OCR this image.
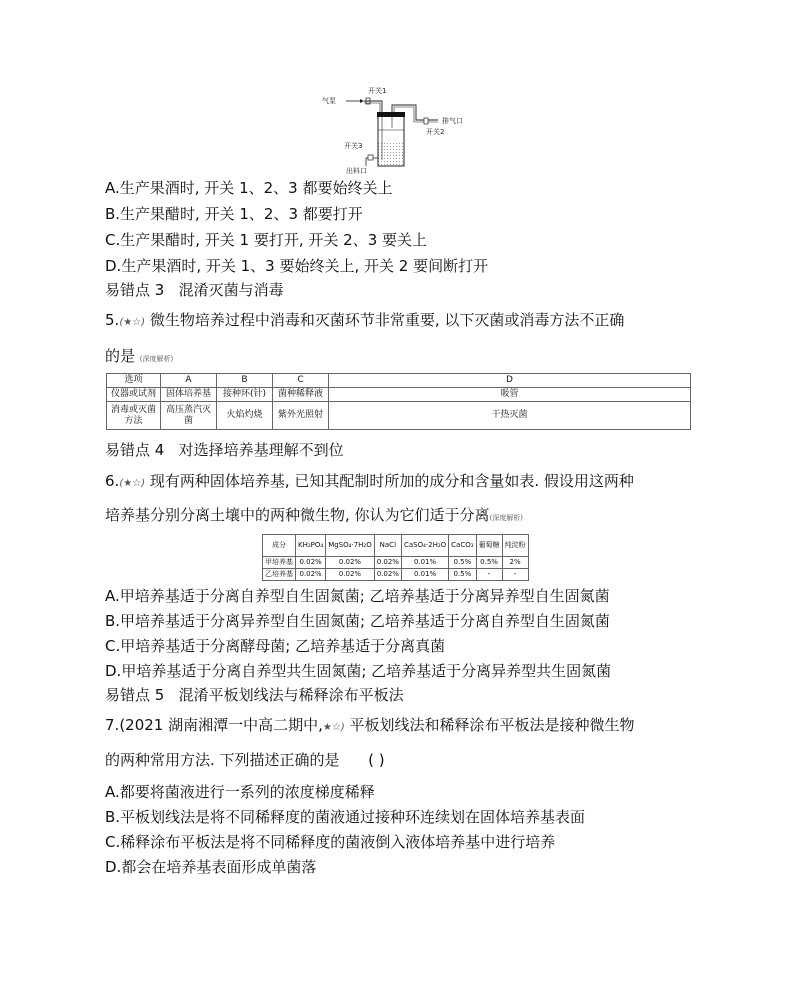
气泵
开关1
排气口
开关2
开关3
出料口
A.生产果酒时, 开关 1、2、3 都要始终关上
B.生产果醋时, 开关 1、2、3 都要打开
C.生产果醋时, 开关 1 要打开, 开关 2、3 要关上
D.生产果酒时, 开关 1、3 要始终关上, 开关 2 要间断打开
易错点 3 混淆灭菌与消毒
5.(★☆) 微生物培养过程中消毒和灭菌环节非常重要, 以下灭菌或消毒方法不正确
的是 (深度解析)
选项	A	B	C	D
仪器或试剂	固体培养基	接种环(针)	菌种稀释液	吸管
消毒或灭菌方法	高压蒸汽灭菌	火焰灼烧	紫外光照射	干热灭菌
易错点 4 对选择培养基理解不到位
6.(★☆) 现有两种固体培养基, 已知其配制时所加的成分和含量如表. 假设用这两种
培养基分别分离土壤中的两种微生物, 你认为它们适于分离(深度解析)
成分	KH₂PO₄	MgSO₄·7H₂O	NaCl	CaSO₄·2H₂O	CaCO₃	葡萄糖	纯淀粉
甲培养基	0.02%	0.02%	0.02%	0.01%	0.5%	0.5%	2%
乙培养基	0.02%	0.02%	0.02%	0.01%	0.5%	-	-
A.甲培养基适于分离自养型自生固氮菌; 乙培养基适于分离异养型自生固氮菌
B.甲培养基适于分离异养型自生固氮菌; 乙培养基适于分离自养型自生固氮菌
C.甲培养基适于分离酵母菌; 乙培养基适于分离真菌
D.甲培养基适于分离自养型共生固氮菌; 乙培养基适于分离异养型共生固氮菌
易错点 5 混淆平板划线法与稀释涂布平板法
7.(2021 湖南湘潭一中高二期中,★☆) 平板划线法和稀释涂布平板法是接种微生物
的两种常用方法. 下列描述正确的是 ( )
A.都要将菌液进行一系列的浓度梯度稀释
B.平板划线法是将不同稀释度的菌液通过接种环连续划在固体培养基表面
C.稀释涂布平板法是将不同稀释度的菌液倒入液体培养基中进行培养
D.都会在培养基表面形成单菌落
